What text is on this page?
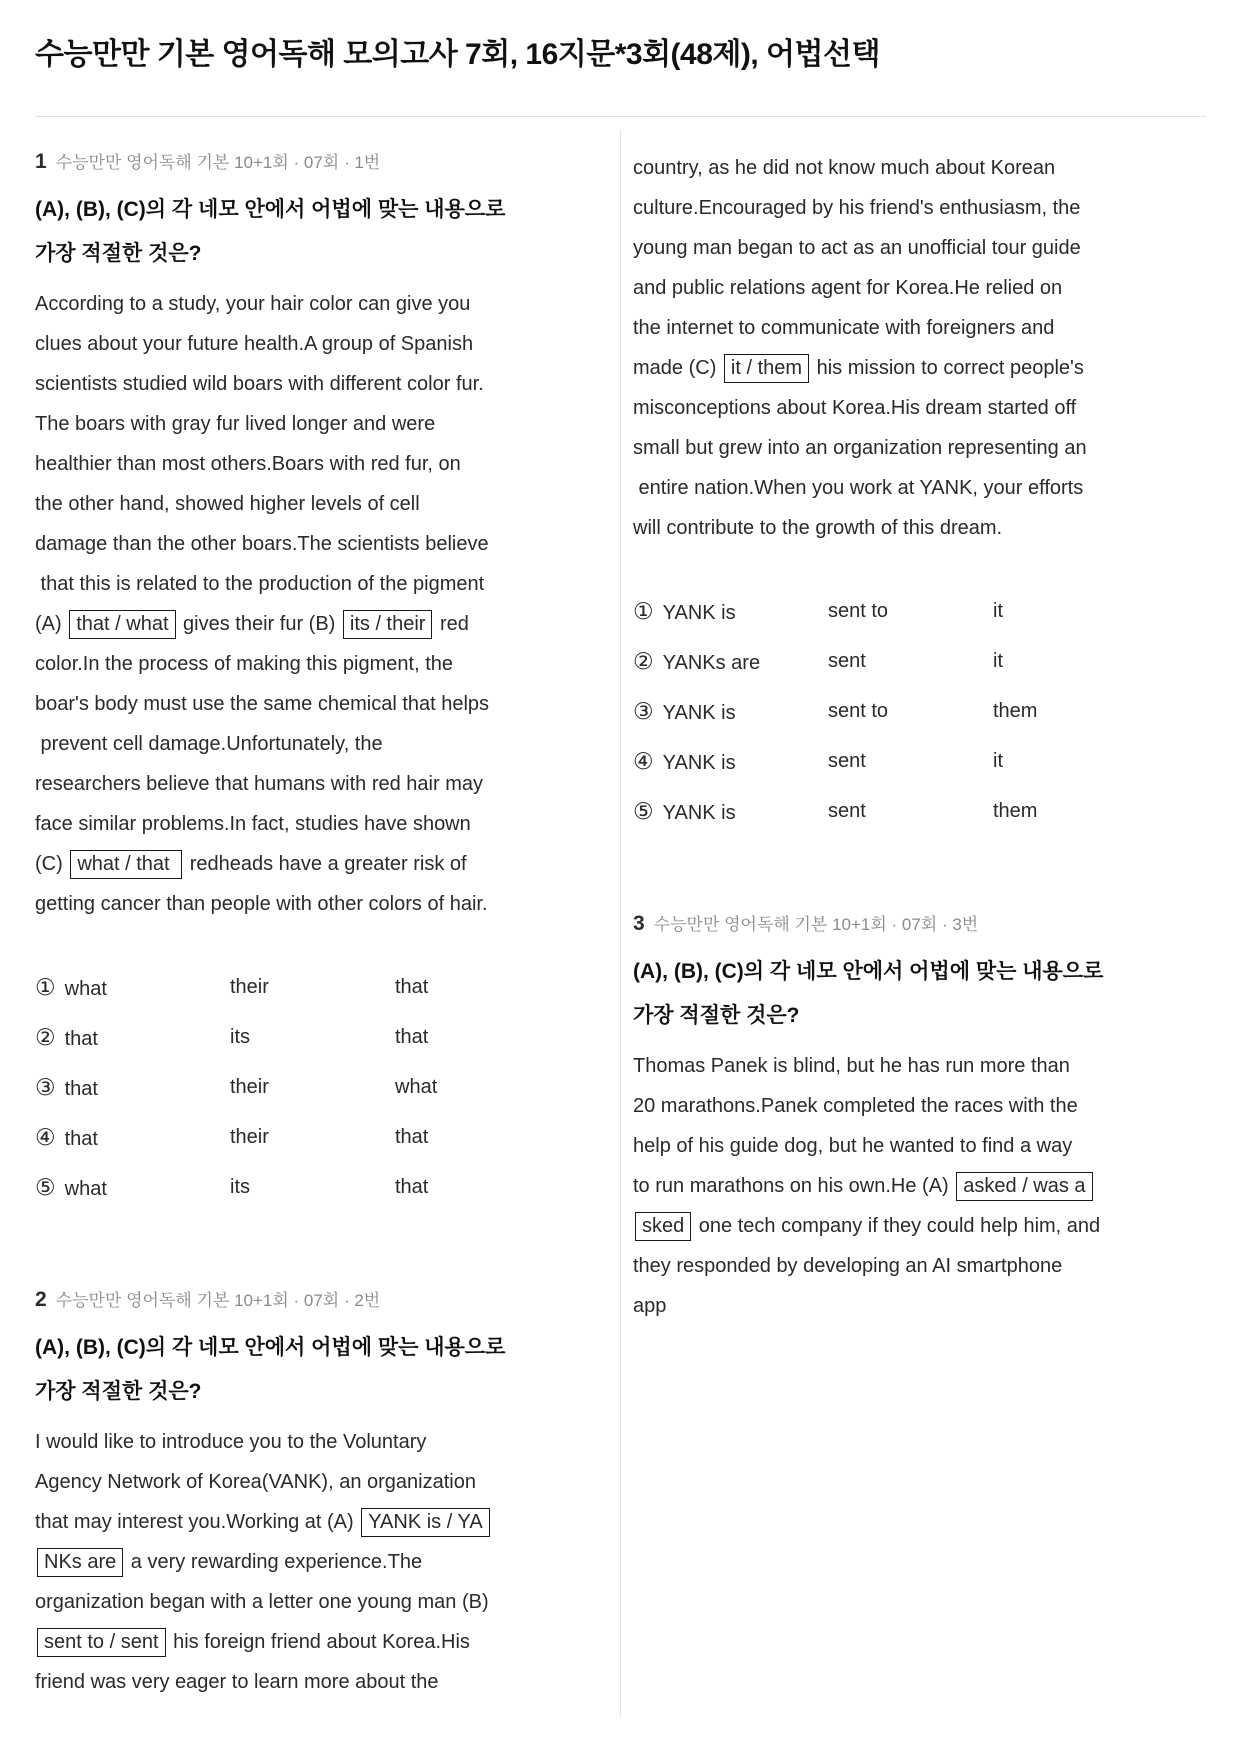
수능만만 기본 영어독해 모의고사 7회, 16지문*3회(48제), 어법선택
1 수능만만 영어독해 기본 10+1회 · 07회 · 1번
(A), (B), (C)의 각 네모 안에서 어법에 맞는 내용으로
가장 적절한 것은?
According to a study, your hair color can give you
clues about your future health.A group of Spanish
scientists studied wild boars with different color fur.
The boars with gray fur lived longer and were
healthier than most others.Boars with red fur, on
the other hand, showed higher levels of cell
damage than the other boars.The scientists believe
that this is related to the production of the pigment
(A) that / what gives their fur (B) its / their red
color.In the process of making this pigment, the
boar's body must use the same chemical that helps
prevent cell damage.Unfortunately, the
researchers believe that humans with red hair may
face similar problems.In fact, studies have shown
(C) what / that  redheads have a greater risk of
getting cancer than people with other colors of hair.
① what	their	that
② that	its	that
③ that	their	what
④ that	their	that
⑤ what	its	that
2 수능만만 영어독해 기본 10+1회 · 07회 · 2번
(A), (B), (C)의 각 네모 안에서 어법에 맞는 내용으로
가장 적절한 것은?
I would like to introduce you to the Voluntary
Agency Network of Korea(VANK), an organization
that may interest you.Working at (A) YANK is / YA
NKs are a very rewarding experience.The
organization began with a letter one young man (B)
sent to / sent his foreign friend about Korea.His
friend was very eager to learn more about the
country, as he did not know much about Korean
culture.Encouraged by his friend's enthusiasm, the
young man began to act as an unofficial tour guide
and public relations agent for Korea.He relied on
the internet to communicate with foreigners and
made (C) it / them his mission to correct people's
misconceptions about Korea.His dream started off
small but grew into an organization representing an
entire nation.When you work at YANK, your efforts
will contribute to the growth of this dream.
① YANK is	sent to	it
② YANKs are	sent	it
③ YANK is	sent to	them
④ YANK is	sent	it
⑤ YANK is	sent	them
3 수능만만 영어독해 기본 10+1회 · 07회 · 3번
(A), (B), (C)의 각 네모 안에서 어법에 맞는 내용으로
가장 적절한 것은?
Thomas Panek is blind, but he has run more than
20 marathons.Panek completed the races with the
help of his guide dog, but he wanted to find a way
to run marathons on his own.He (A) asked / was a
sked one tech company if they could help him, and
they responded by developing an AI smartphone
app
